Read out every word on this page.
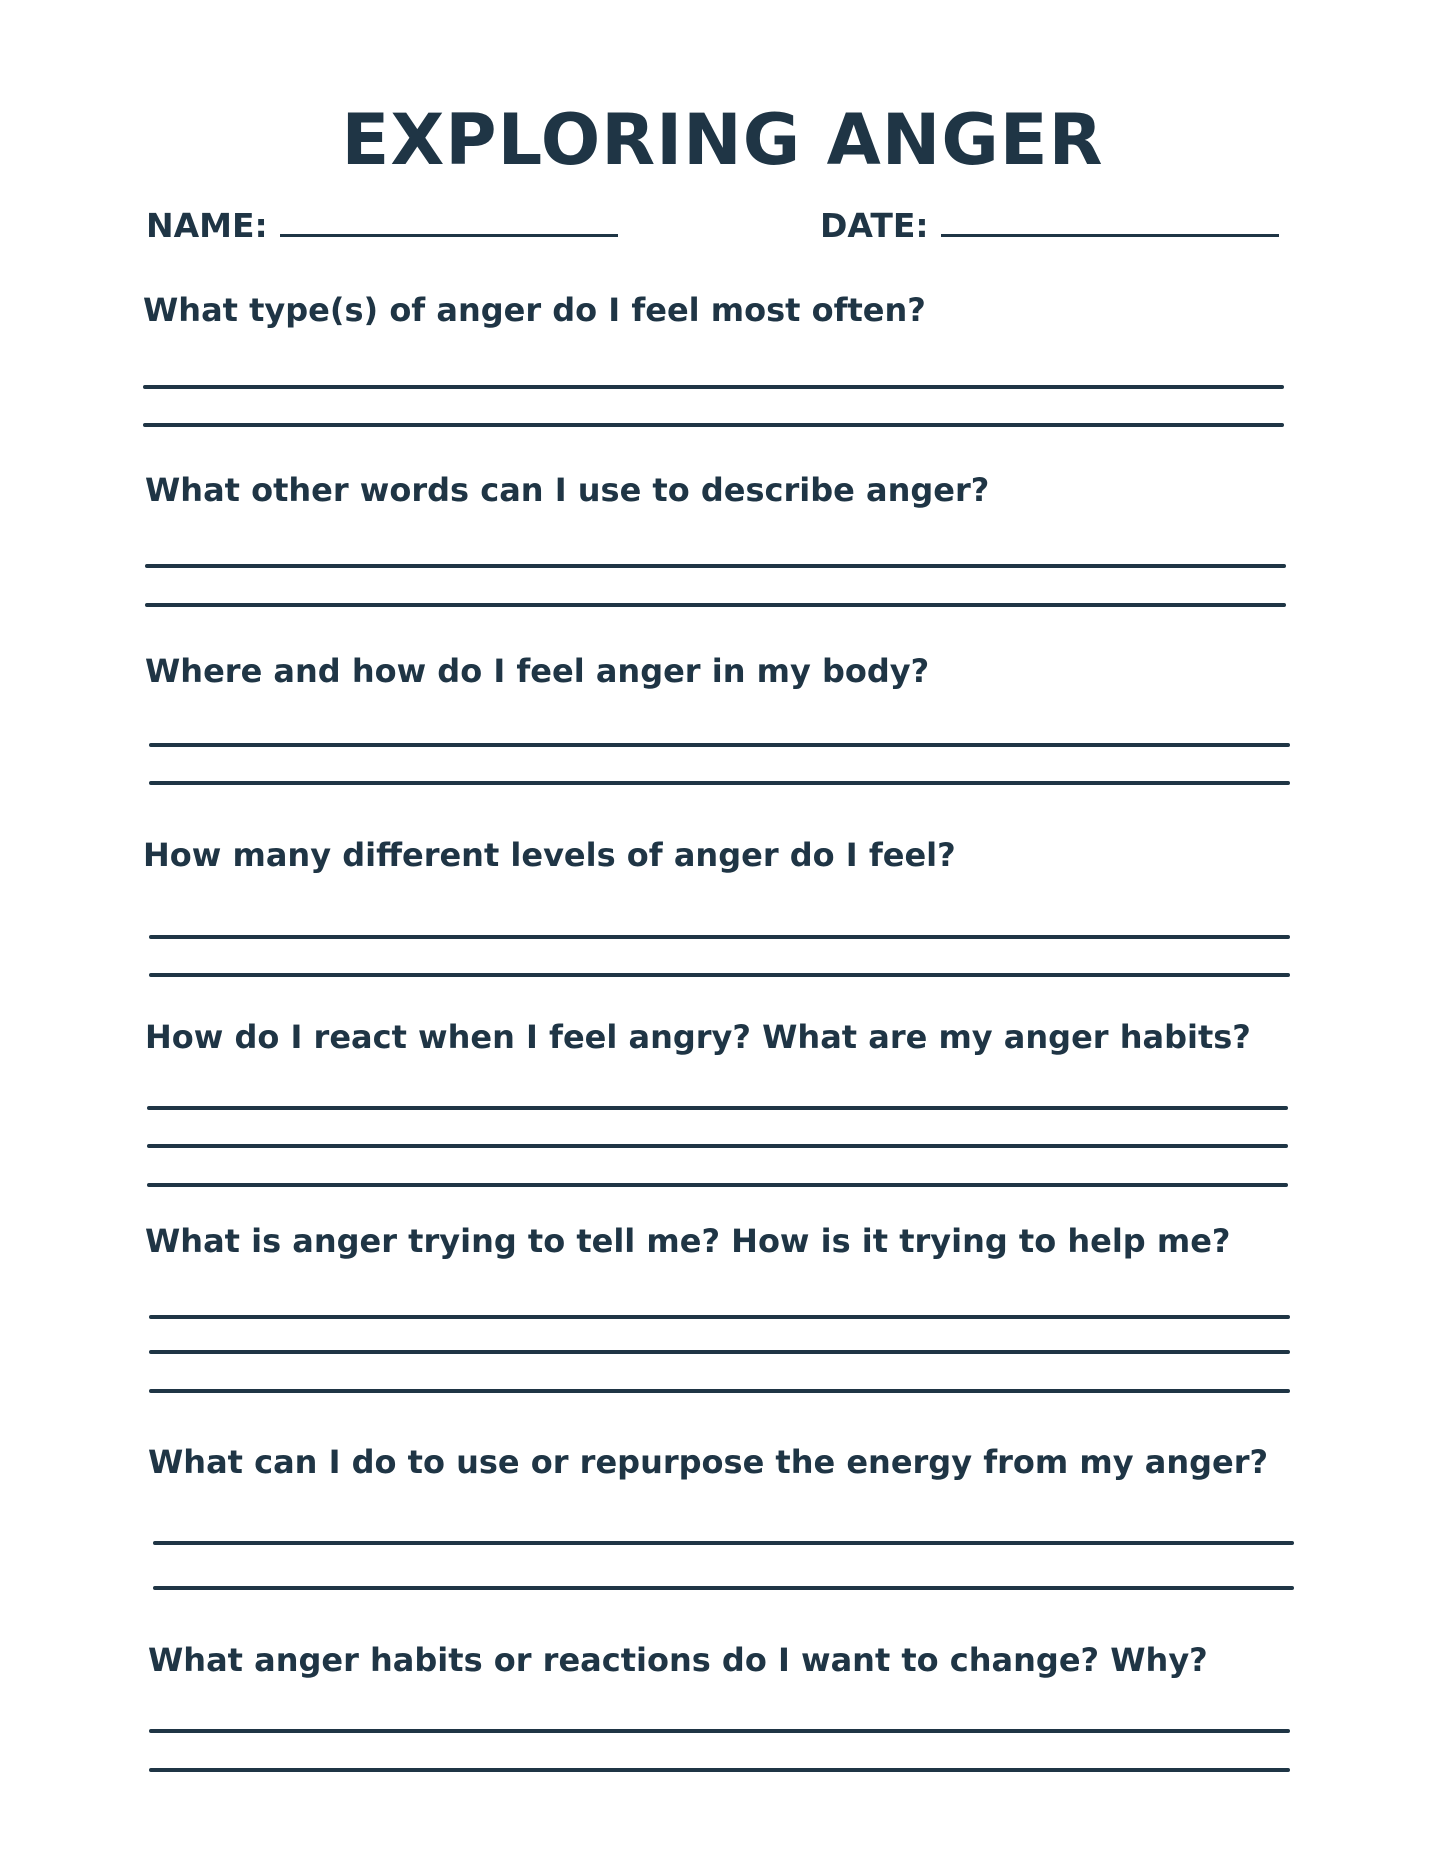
EXPLORING ANGER
NAME:	DATE:

What type(s) of anger do I feel most often?

What other words can I use to describe anger?

Where and how do I feel anger in my body?

How many different levels of anger do I feel?

How do I react when I feel angry? What are my anger habits?

What is anger trying to tell me? How is it trying to help me?

What can I do to use or repurpose the energy from my anger?

What anger habits or reactions do I want to change? Why?
